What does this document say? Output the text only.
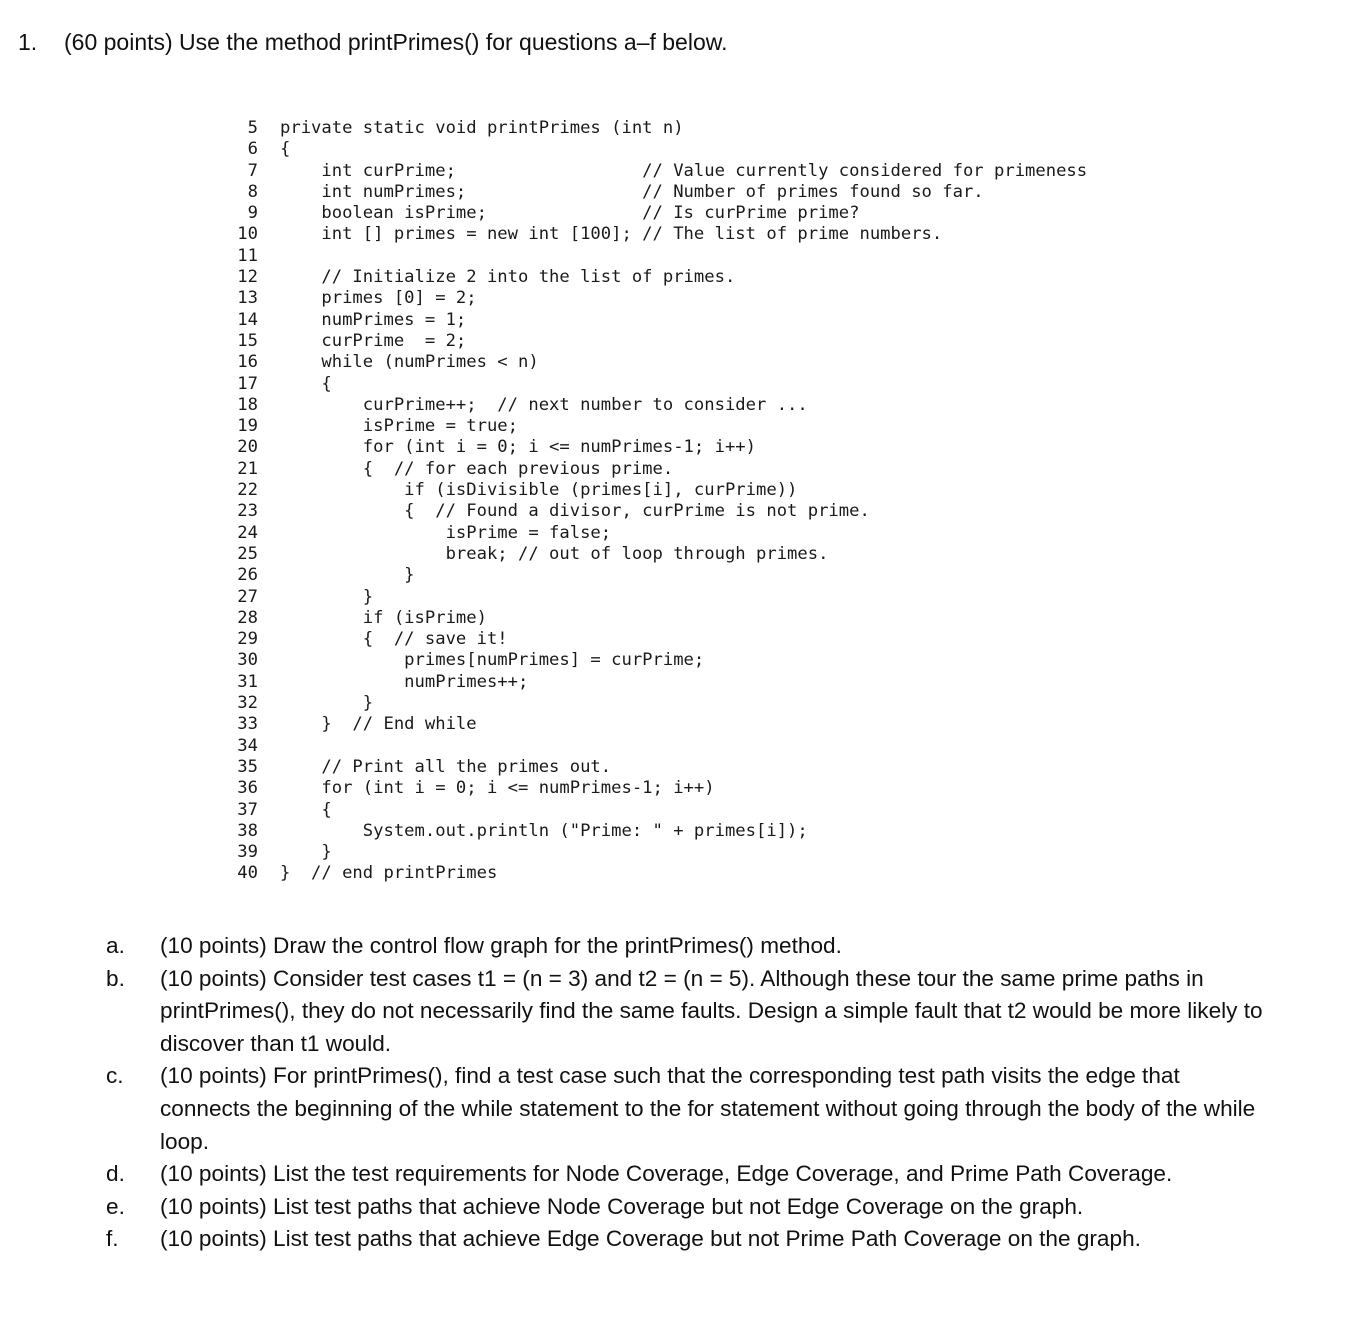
1. (60 points) Use the method printPrimes() for questions a–f below.
5	private static void printPrimes (int n)
6	{
7	int curPrime;                  // Value currently considered for primeness
8	int numPrimes;                 // Number of primes found so far.
9	boolean isPrime;               // Is curPrime prime?
10	int [] primes = new int [100]; // The list of prime numbers.
11
12	// Initialize 2 into the list of primes.
13	primes [0] = 2;
14	numPrimes = 1;
15	curPrime  = 2;
16	while (numPrimes < n)
17	{
18	curPrime++;  // next number to consider ...
19	isPrime = true;
20	for (int i = 0; i <= numPrimes-1; i++)
21	{  // for each previous prime.
22	if (isDivisible (primes[i], curPrime))
23	{  // Found a divisor, curPrime is not prime.
24	isPrime = false;
25	break; // out of loop through primes.
26	}
27	}
28	if (isPrime)
29	{  // save it!
30	primes[numPrimes] = curPrime;
31	numPrimes++;
32	}
33	}  // End while
34
35	// Print all the primes out.
36	for (int i = 0; i <= numPrimes-1; i++)
37	{
38	System.out.println ("Prime: " + primes[i]);
39	}
40	}  // end printPrimes
a.	(10 points) Draw the control flow graph for the printPrimes() method.
b.	(10 points) Consider test cases t1 = (n = 3) and t2 = (n = 5). Although these tour the same prime paths in printPrimes(), they do not necessarily find the same faults. Design a simple fault that t2 would be more likely to discover than t1 would.
c.	(10 points) For printPrimes(), find a test case such that the corresponding test path visits the edge that connects the beginning of the while statement to the for statement without going through the body of the while loop.
d.	(10 points) List the test requirements for Node Coverage, Edge Coverage, and Prime Path Coverage.
e.	(10 points) List test paths that achieve Node Coverage but not Edge Coverage on the graph.
f.	(10 points) List test paths that achieve Edge Coverage but not Prime Path Coverage on the graph.
